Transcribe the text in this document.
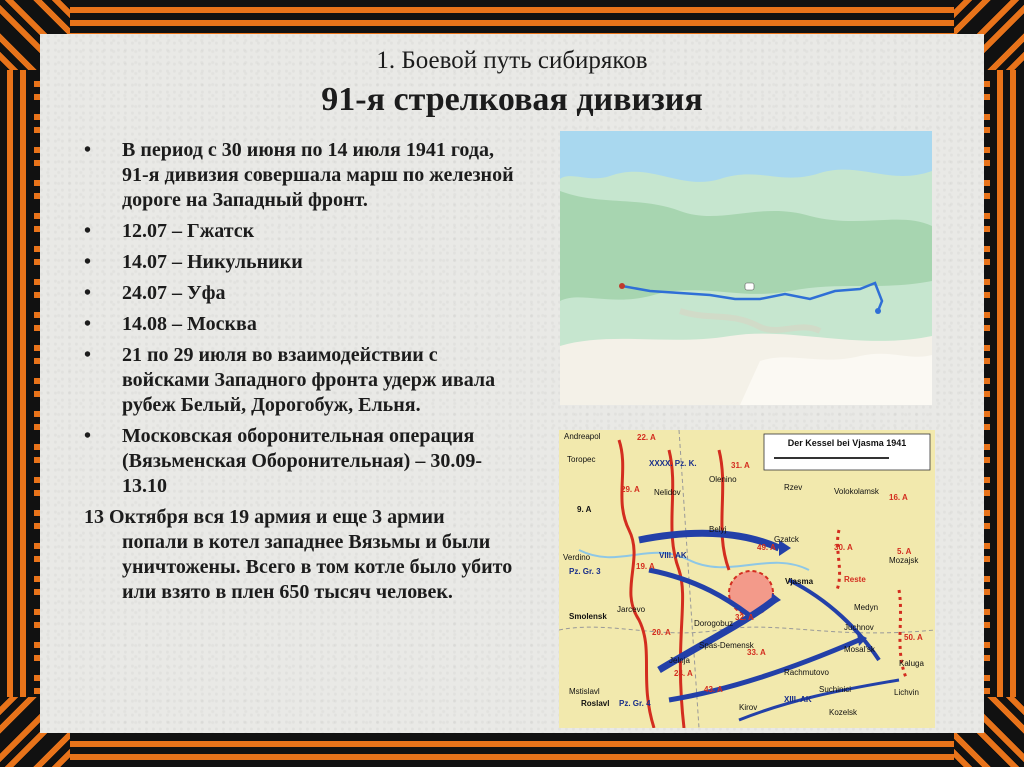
1. Боевой путь сибиряков
91-я стрелковая дивизия
• В период с 30 июня по 14 июля 1941 года, 91-я дивизия совершала марш по железной дороге на Западный фронт.
• 12.07 – Гжатск
• 14.07 – Никульники
• 24.07 – Уфа
• 14.08 – Москва
• 21 по 29 июля во взаимодействии с войсками Западного фронта удерж ивала рубеж Белый, Дорогобуж, Ельня.
• Московская оборонительная операция (Вязьменская Оборонительная) – 30.09-13.10

13 Октября вся 19 армия и еще 3 армии попали в котел западнее Вязьмы и были уничтожены. Всего в том котле было убито или взято в плен 650 тысяч человек.

Der Kessel bei Vjasma 1941
Andreapol
Toropec
Olenino
Nelidov
Rzev	Volokolamsk
Belyj
Gzatck
Vjasma
Verdino
Jarcevo
Smolensk
Dorogobuz
Jelnja
Juchnov
Medyn
Mosal'sk
Kaluga
Roslavl
Mstislavl
Kirov
Suchinici
Kozelsk
Lichvin
Mozajsk
Spas-Demensk
Rachmutovo
22. A
29. A
31. A
30. A
16. A
19. A
20. A
32. A
24. A
33. A
43. A
49. A
50. A
5. A
9. A
Pz. Gr. 3
Pz. Gr. 4
XXXX. Pz. K.
VIII. AK
XIII. AK
Reste
